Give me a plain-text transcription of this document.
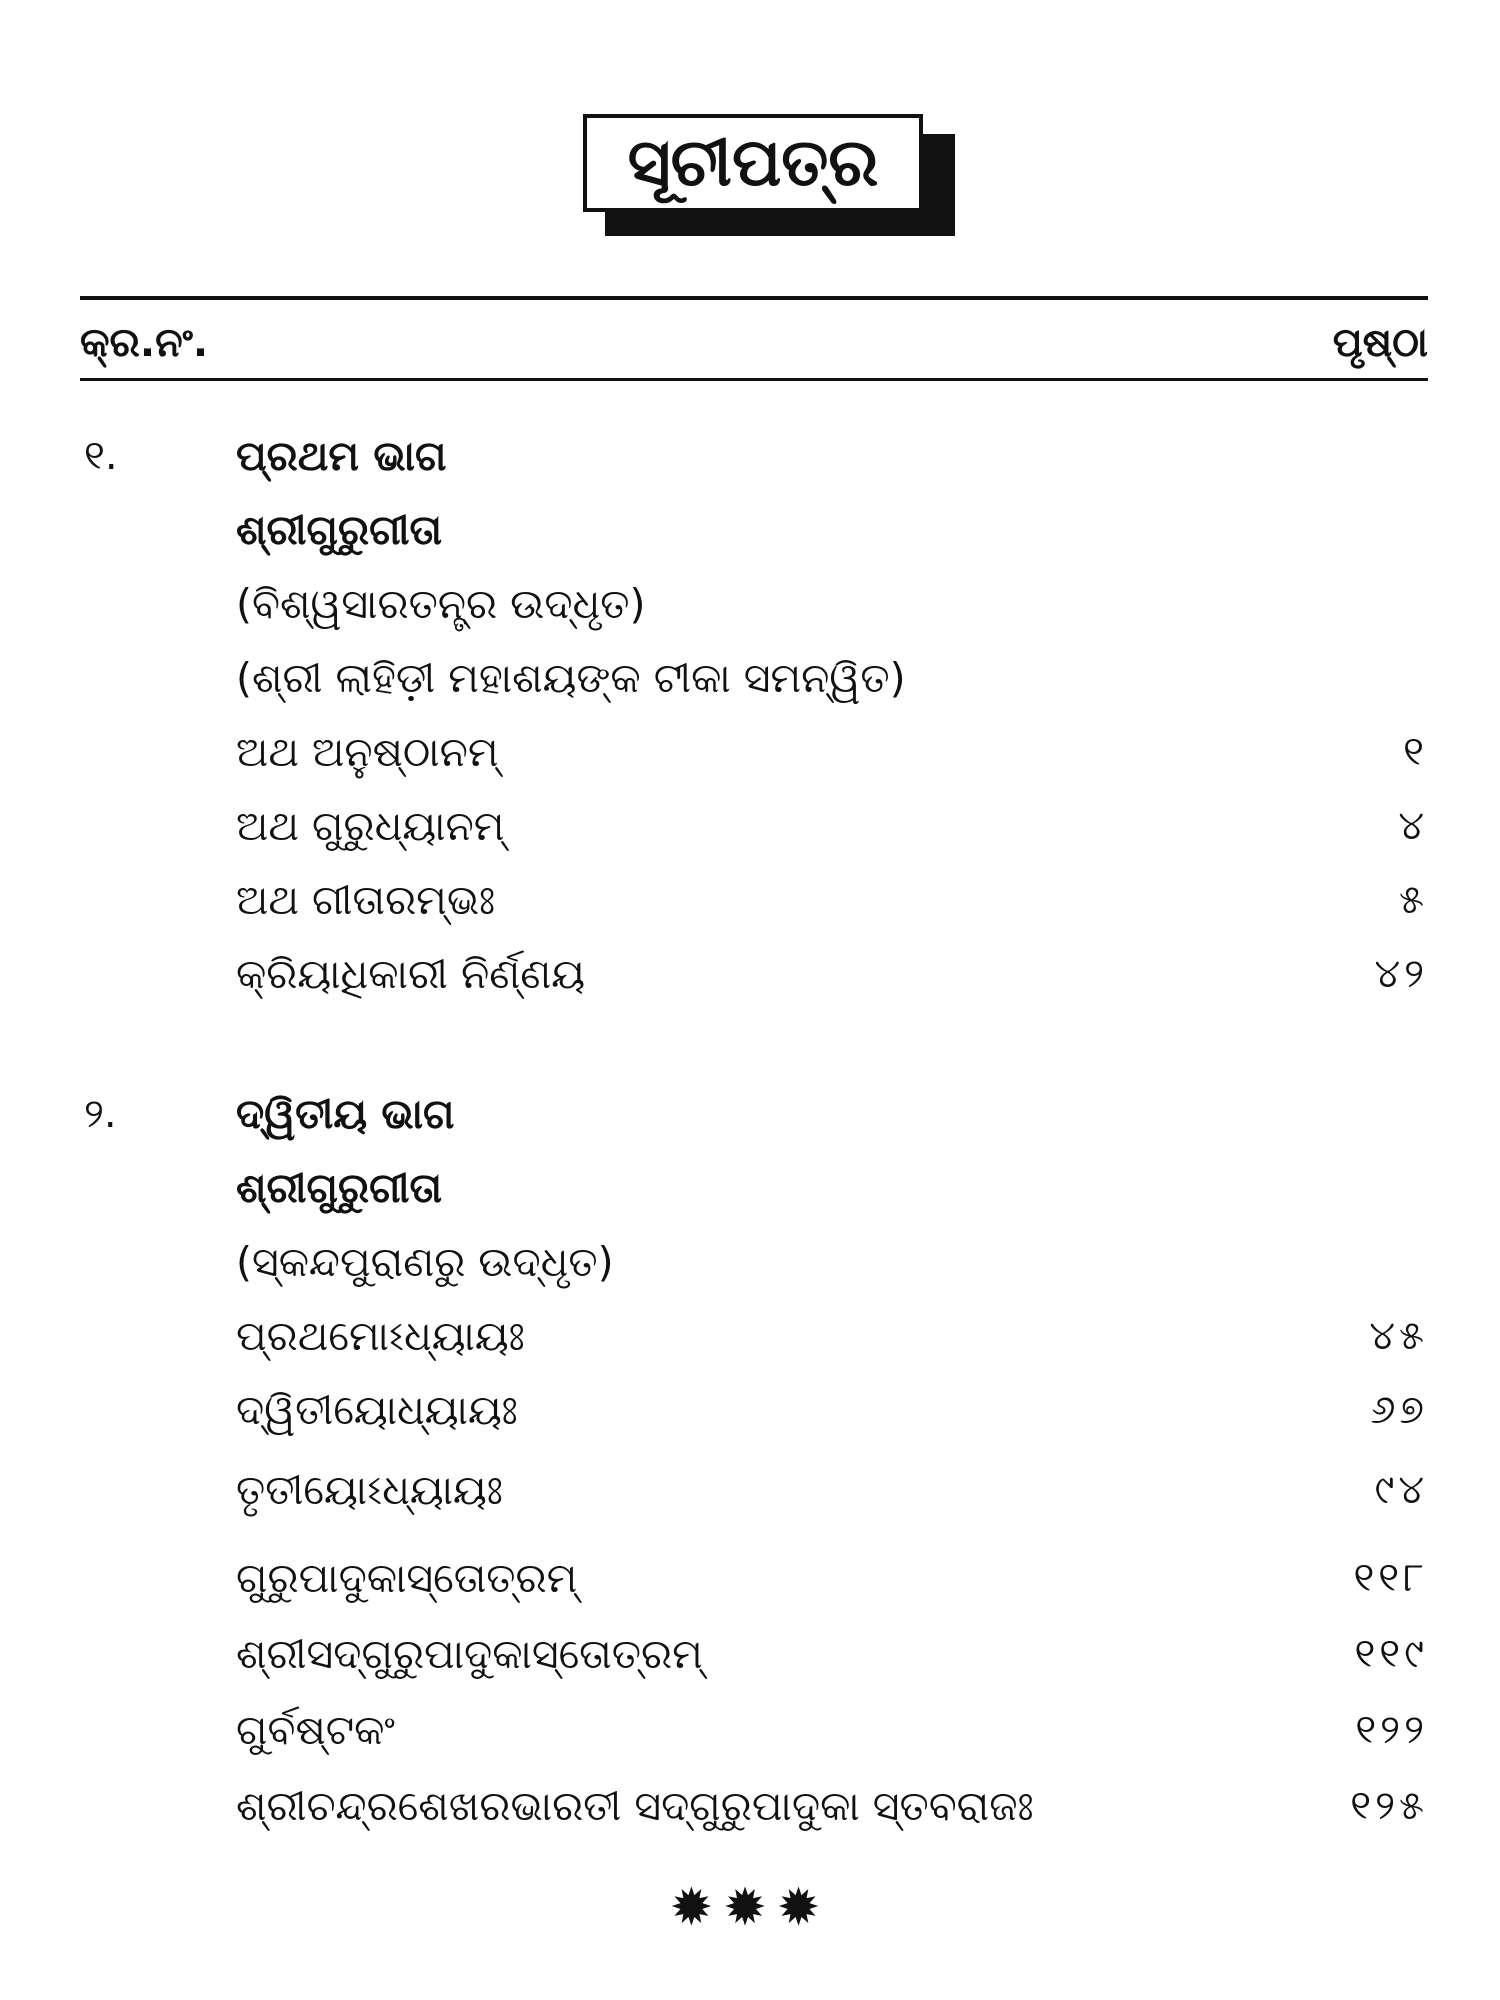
ସୂଚୀପତ୍ର
କ୍ର.ନଂ.	ପୃଷ୍ଠା
୧.	ପ୍ରଥମ ଭାଗ
ଶ୍ରୀଗୁରୁଗୀତା
(ବିଶ୍ୱସାରତନ୍ତ୍ର ଉଦ୍ଧୃତ)
(ଶ୍ରୀ ଲାହିଡ଼ୀ ମହାଶୟଙ୍କ ଟୀକା ସମନ୍ୱିତ)
ଅଥ ଅନୁଷ୍ଠାନମ୍	୧
ଅଥ ଗୁରୁଧ୍ୟାନମ୍	୪
ଅଥ ଗୀତାରମ୍ଭଃ	୫
କ୍ରିୟାଧିକାରୀ ନିର୍ଣ୍ଣୟ	୪୨
୨.	ଦ୍ୱିତୀୟ ଭାଗ
ଶ୍ରୀଗୁରୁଗୀତା
(ସ୍କନ୍ଦପୁରାଣରୁ ଉଦ୍ଧୃତ)
ପ୍ରଥମୋଽଧ୍ୟାୟଃ	୪୫
ଦ୍ୱିତୀୟୋଧ୍ୟାୟଃ	୬୭
ତୃତୀୟୋଽଧ୍ୟାୟଃ	୯୪
ଗୁରୁପାଦୁକାସ୍ତୋତ୍ରମ୍	୧୧୮
ଶ୍ରୀସଦ୍‌ଗୁରୁପାଦୁକାସ୍ତୋତ୍ରମ୍	୧୧୯
ଗୁର୍ବଷ୍ଟକଂ	୧୨୨
ଶ୍ରୀଚନ୍ଦ୍ରଶେଖରଭାରତୀ ସଦ୍‌ଗୁରୁପାଦୁକା ସ୍ତବରାଜଃ	୧୨୫
✹✹✹
